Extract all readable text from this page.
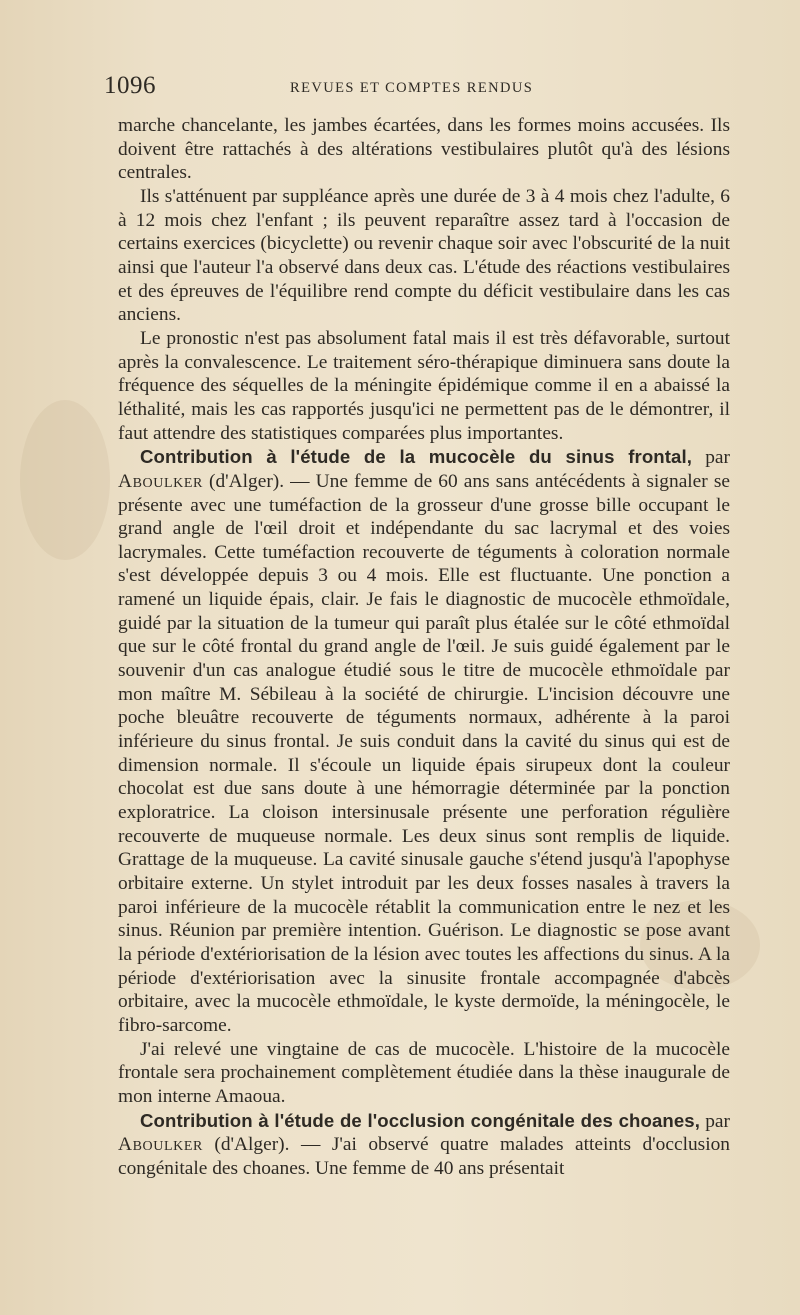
1096	REVUES ET COMPTES RENDUS

marche chancelante, les jambes écartées, dans les formes moins accusées. Ils doivent être rattachés à des altérations vestibulaires plutôt qu'à des lésions centrales.

Ils s'atténuent par suppléance après une durée de 3 à 4 mois chez l'adulte, 6 à 12 mois chez l'enfant ; ils peuvent reparaître assez tard à l'occasion de certains exercices (bicyclette) ou revenir chaque soir avec l'obscurité de la nuit ainsi que l'auteur l'a observé dans deux cas. L'étude des réactions vestibulaires et des épreuves de l'équilibre rend compte du déficit vestibulaire dans les cas anciens.

Le pronostic n'est pas absolument fatal mais il est très défavorable, surtout après la convalescence. Le traitement séro-thérapique diminuera sans doute la fréquence des séquelles de la méningite épidémique comme il en a abaissé la léthalité, mais les cas rapportés jusqu'ici ne permettent pas de le démontrer, il faut attendre des statistiques comparées plus importantes.

Contribution à l'étude de la mucocèle du sinus frontal, par Aboulker (d'Alger). — Une femme de 60 ans sans antécédents à signaler se présente avec une tuméfaction de la grosseur d'une grosse bille occupant le grand angle de l'œil droit et indépendante du sac lacrymal et des voies lacrymales. Cette tuméfaction recouverte de téguments à coloration normale s'est développée depuis 3 ou 4 mois. Elle est fluctuante. Une ponction a ramené un liquide épais, clair. Je fais le diagnostic de mucocèle ethmoïdale, guidé par la situation de la tumeur qui paraît plus étalée sur le côté ethmoïdal que sur le côté frontal du grand angle de l'œil. Je suis guidé également par le souvenir d'un cas analogue étudié sous le titre de mucocèle ethmoïdale par mon maître M. Sébileau à la société de chirurgie. L'incision découvre une poche bleuâtre recouverte de téguments normaux, adhérente à la paroi inférieure du sinus frontal. Je suis conduit dans la cavité du sinus qui est de dimension normale. Il s'écoule un liquide épais sirupeux dont la couleur chocolat est due sans doute à une hémorragie déterminée par la ponction exploratrice. La cloison intersinusale présente une perforation régulière recouverte de muqueuse normale. Les deux sinus sont remplis de liquide. Grattage de la muqueuse. La cavité sinusale gauche s'étend jusqu'à l'apophyse orbitaire externe. Un stylet introduit par les deux fosses nasales à travers la paroi inférieure de la mucocèle rétablit la communication entre le nez et les sinus. Réunion par première intention. Guérison. Le diagnostic se pose avant la période d'extériorisation de la lésion avec toutes les affections du sinus. A la période d'extériorisation avec la sinusite frontale accompagnée d'abcès orbitaire, avec la mucocèle ethmoïdale, le kyste dermoïde, la méningocèle, le fibro-sarcome.

J'ai relevé une vingtaine de cas de mucocèle. L'histoire de la mucocèle frontale sera prochainement complètement étudiée dans la thèse inaugurale de mon interne Amaoua.

Contribution à l'étude de l'occlusion congénitale des choanes, par Aboulker (d'Alger). — J'ai observé quatre malades atteints d'occlusion congénitale des choanes. Une femme de 40 ans présentait
